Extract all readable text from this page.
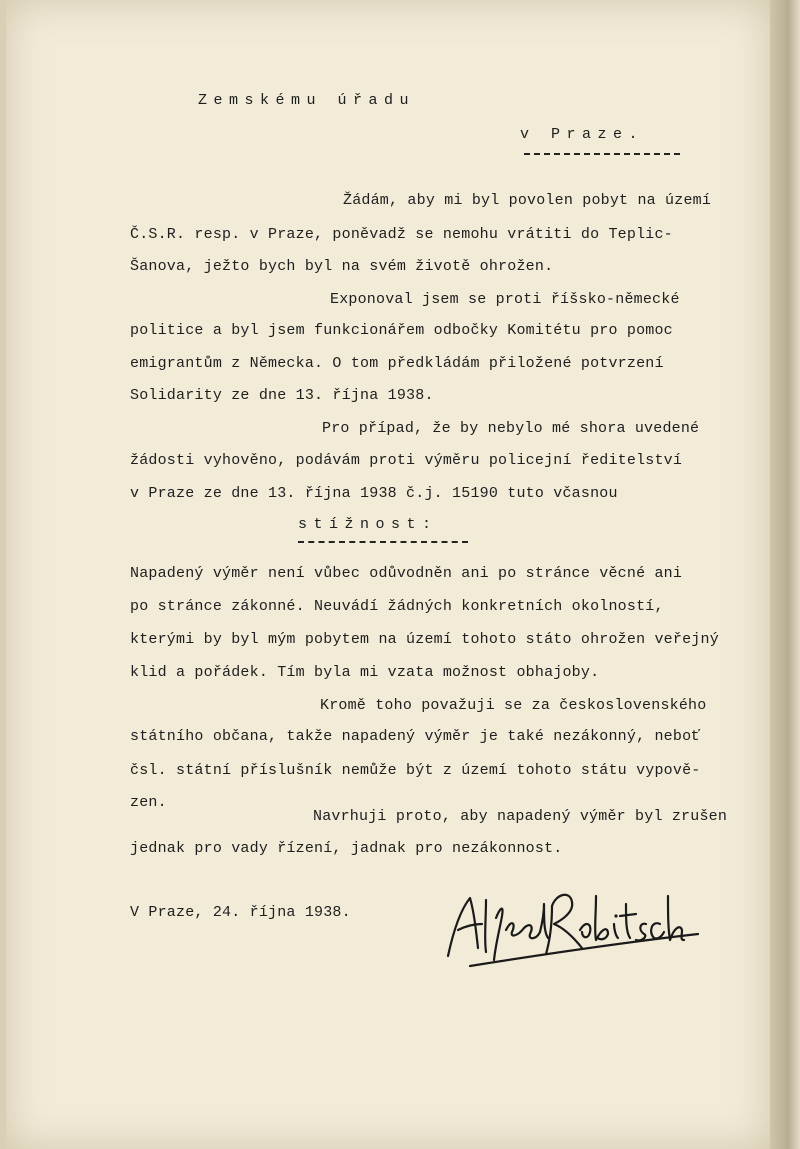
Zemskému úřadu

v Praze.

Žádám, aby mi byl povolen pobyt na území

Č.S.R. resp. v Praze, poněvadž se nemohu vrátiti do Teplic-

Šanova, ježto bych byl na svém životě ohrožen.

Exponoval jsem se proti říšsko-německé

politice a byl jsem funkcionářem odbočky Komitétu pro pomoc

emigrantům z Německa. O tom předkládám přiložené potvrzení

Solidarity ze dne 13. října 1938.

Pro případ, že by nebylo mé shora uvedené

žádosti vyhověno, podávám proti výměru policejní ředitelství

v Praze ze dne 13. října 1938 č.j. 15190 tuto včasnou

stížnost:

Napadený výměr není vůbec odůvodněn ani po stránce věcné ani

po stránce zákonné. Neuvádí žádných konkretních okolností,

kterými by byl mým pobytem na území tohoto státo ohrožen veřejný

klid a pořádek. Tím byla mi vzata možnost obhajoby.

Kromě toho považuji se za československého

státního občana, takže napadený výměr je také nezákonný, neboť

čsl. státní příslušník nemůže být z území tohoto státu vypově-

zen.

Navrhuji proto, aby napadený výměr byl zrušen

jednak pro vady řízení, jadnak pro nezákonnost.

V Praze, 24. října 1938.
